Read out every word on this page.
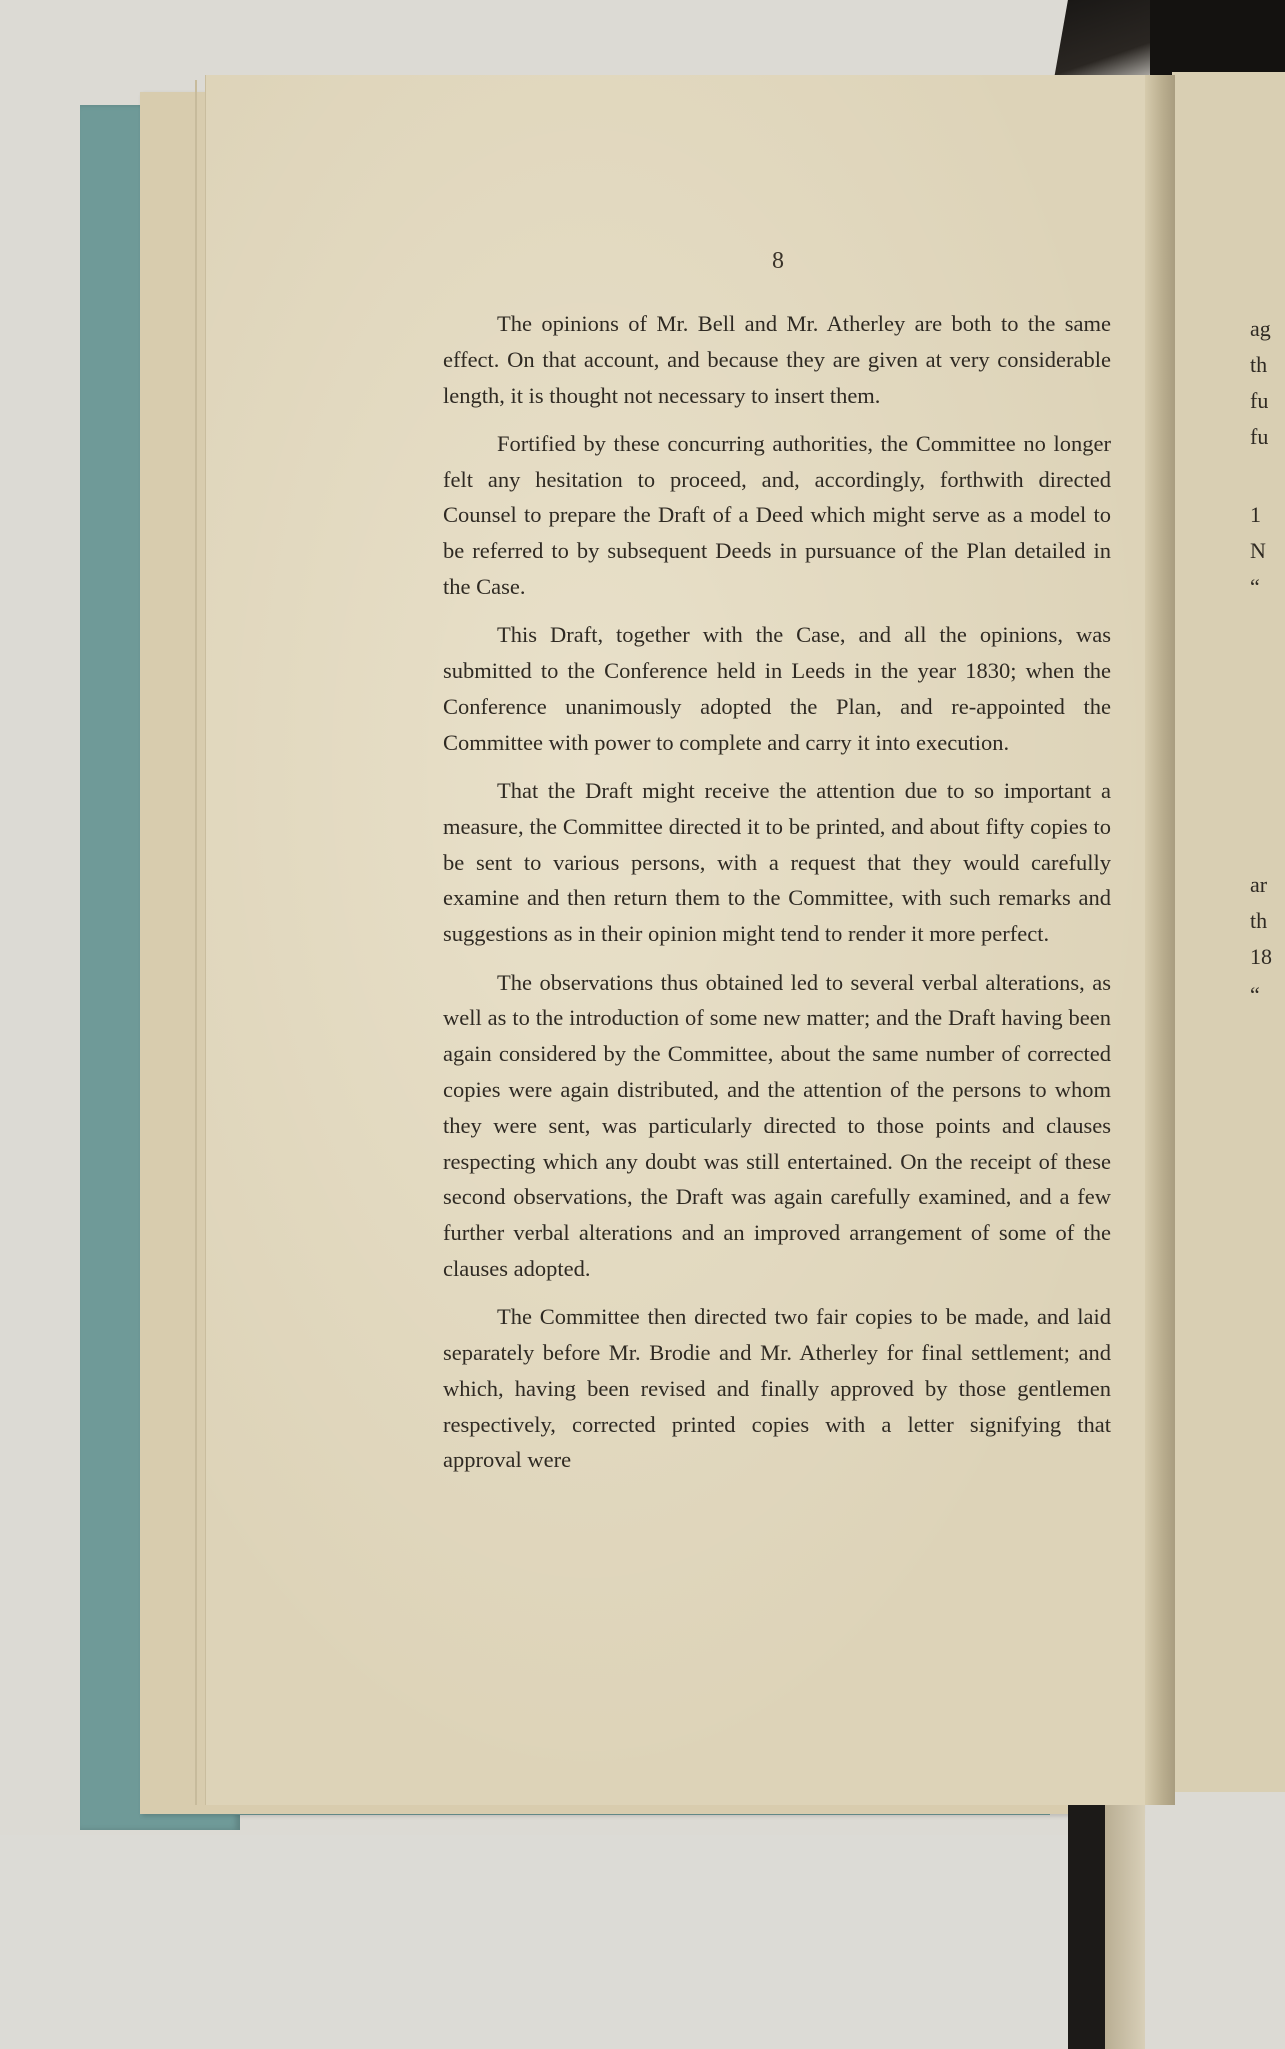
8

The opinions of Mr. Bell and Mr. Atherley are both to the same effect. On that account, and because they are given at very considerable length, it is thought not necessary to insert them.

Fortified by these concurring authorities, the Committee no longer felt any hesitation to proceed, and, accordingly, forthwith directed Counsel to prepare the Draft of a Deed which might serve as a model to be referred to by subsequent Deeds in pursuance of the Plan detailed in the Case.

This Draft, together with the Case, and all the opinions, was submitted to the Conference held in Leeds in the year 1830; when the Conference unanimously adopted the Plan, and re-appointed the Committee with power to complete and carry it into execution.

That the Draft might receive the attention due to so important a measure, the Committee directed it to be printed, and about fifty copies to be sent to various persons, with a request that they would carefully examine and then return them to the Committee, with such remarks and suggestions as in their opinion might tend to render it more perfect.

The observations thus obtained led to several verbal alterations, as well as to the introduction of some new matter; and the Draft having been again considered by the Committee, about the same number of corrected copies were again distributed, and the attention of the persons to whom they were sent, was particularly directed to those points and clauses respecting which any doubt was still entertained. On the receipt of these second observations, the Draft was again carefully examined, and a few further verbal alterations and an improved arrangement of some of the clauses adopted.

The Committee then directed two fair copies to be made, and laid separately before Mr. Brodie and Mr. Atherley for final settlement; and which, having been revised and finally approved by those gentlemen respectively, corrected printed copies with a letter signifying that approval were

ag
th
fu
fu
1
N
“
ar
th
18
“
